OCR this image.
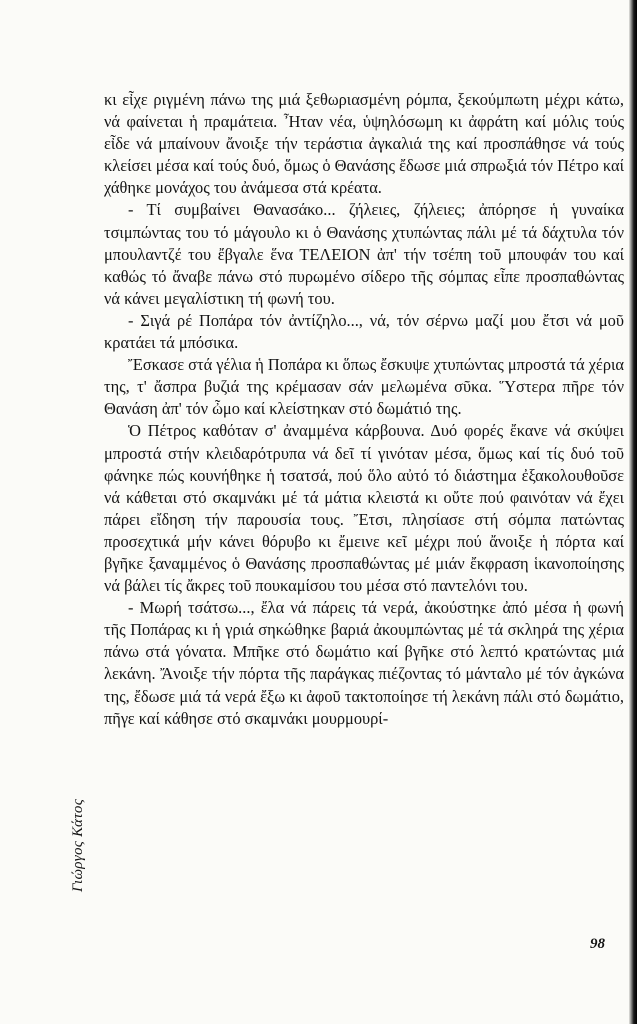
κι εἶχε ριγμένη πάνω της μιά ξεθωριασμένη ρόμπα, ξεκούμπωτη μέχρι κάτω, νά φαίνεται ἡ πραμάτεια. Ἦταν νέα, ὑψηλόσωμη κι ἀφράτη καί μόλις τούς εἶδε νά μπαίνουν ἄνοιξε τήν τεράστια ἀγκαλιά της καί προσπάθησε νά τούς κλείσει μέσα καί τούς δυό, ὅμως ὁ Θανάσης ἔδωσε μιά σπρωξιά τόν Πέτρο καί χάθηκε μονάχος του ἀνάμεσα στά κρέατα.

- Τί συμβαίνει Θανασάκο... ζήλειες, ζήλειες; ἀπόρησε ἡ γυναίκα τσιμπώντας του τό μάγουλο κι ὁ Θανάσης χτυπώντας πάλι μέ τά δάχτυλα τόν μπουλαντζέ του ἔβγαλε ἕνα ΤΕΛΕΙΟΝ ἀπ' τήν τσέπη τοῦ μπουφάν του καί καθώς τό ἄναβε πάνω στό πυρωμένο σίδερο τῆς σόμπας εἶπε προσπαθώντας νά κάνει μεγαλίστικη τή φωνή του.

- Σιγά ρέ Ποπάρα τόν ἀντίζηλο..., νά, τόν σέρνω μαζί μου ἔτσι νά μοῦ κρατάει τά μπόσικα.

Ἔσκασε στά γέλια ἡ Ποπάρα κι ὅπως ἔσκυψε χτυπώντας μπροστά τά χέρια της, τ' ἄσπρα βυζιά της κρέμασαν σάν μελωμένα σῦκα. Ὕστερα πῆρε τόν Θανάση ἀπ' τόν ὦμο καί κλείστηκαν στό δωμάτιό της.

Ὁ Πέτρος καθόταν σ' ἀναμμένα κάρβουνα. Δυό φορές ἔκανε νά σκύψει μπροστά στήν κλειδαρότρυπα νά δεῖ τί γινόταν μέσα, ὅμως καί τίς δυό τοῦ φάνηκε πώς κουνήθηκε ἡ τσατσά, πού ὅλο αὐτό τό διάστημα ἐξακολουθοῦσε νά κάθεται στό σκαμνάκι μέ τά μάτια κλειστά κι οὔτε πού φαινόταν νά ἔχει πάρει εἴδηση τήν παρουσία τους. Ἔτσι, πλησίασε στή σόμπα πατώντας προσεχτικά μήν κάνει θόρυβο κι ἔμεινε κεῖ μέχρι πού ἄνοιξε ἡ πόρτα καί βγῆκε ξαναμμένος ὁ Θανάσης προσπαθώντας μέ μιάν ἔκφραση ἱκανοποίησης νά βάλει τίς ἄκρες τοῦ πουκαμίσου του μέσα στό παντελόνι του.

- Μωρή τσάτσω..., ἔλα νά πάρεις τά νερά, ἀκούστηκε ἀπό μέσα ἡ φωνή τῆς Ποπάρας κι ἡ γριά σηκώθηκε βαριά ἀκουμπώντας μέ τά σκληρά της χέρια πάνω στά γόνατα. Μπῆκε στό δωμάτιο καί βγῆκε στό λεπτό κρατώντας μιά λεκάνη. Ἄνοιξε τήν πόρτα τῆς παράγκας πιέζοντας τό μάνταλο μέ τόν ἀγκώνα της, ἔδωσε μιά τά νερά ἔξω κι ἀφοῦ τακτοποίησε τή λεκάνη πάλι στό δωμάτιο, πῆγε καί κάθησε στό σκαμνάκι μουρμουρί-

Γιώργος Κάτος
98
